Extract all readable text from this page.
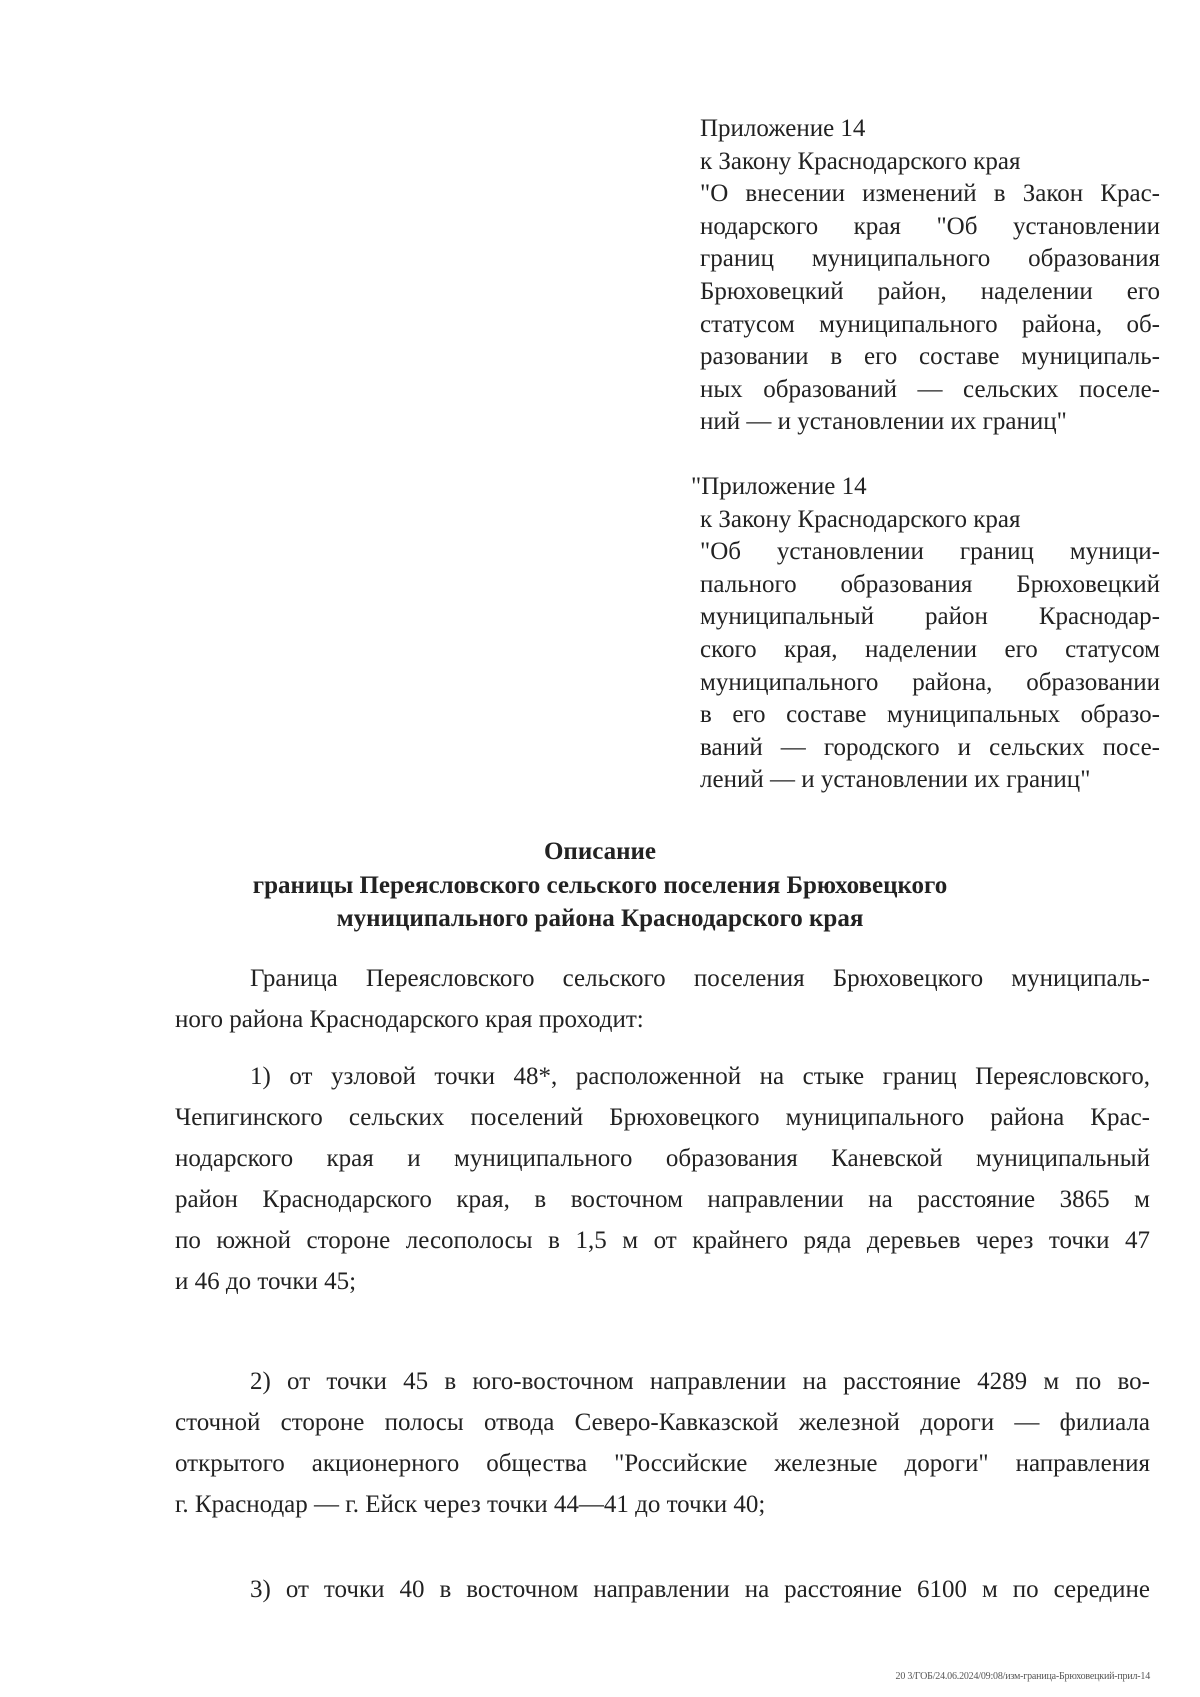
Приложение 14
к Закону Краснодарского края
"О внесении изменений в Закон Крас-
нодарского края "Об установлении
границ муниципального образования
Брюховецкий район, наделении его
статусом муниципального района, об-
разовании в его составе муниципаль-
ных образований — сельских поселе-
ний — и установлении их границ"
"Приложение 14
к Закону Краснодарского края
"Об установлении границ муници-
пального образования Брюховецкий
муниципальный район Краснодар-
ского края, наделении его статусом
муниципального района, образовании
в его составе муниципальных образо-
ваний — городского и сельских посе-
лений — и установлении их границ"
Описание
границы Переясловского сельского поселения Брюховецкого
муниципального района Краснодарского края
Граница Переясловского сельского поселения Брюховецкого муниципаль-
ного района Краснодарского края проходит:
1) от узловой точки 48*, расположенной на стыке границ Переясловского,
Чепигинского сельских поселений Брюховецкого муниципального района Крас-
нодарского края и муниципального образования Каневской муниципальный
район Краснодарского края, в восточном направлении на расстояние 3865 м
по южной стороне лесополосы в 1,5 м от крайнего ряда деревьев через точки 47
и 46 до точки 45;
2) от точки 45 в юго-восточном направлении на расстояние 4289 м по во-
сточной стороне полосы отвода Северо-Кавказской железной дороги — филиала
открытого акционерного общества "Российские железные дороги" направления
г. Краснодар — г. Ейск через точки 44—41 до точки 40;
3) от точки 40 в восточном направлении на расстояние 6100 м по середине
20 3/ГОБ/24.06.2024/09:08/изм-граница-Брюховецкий-прил-14
